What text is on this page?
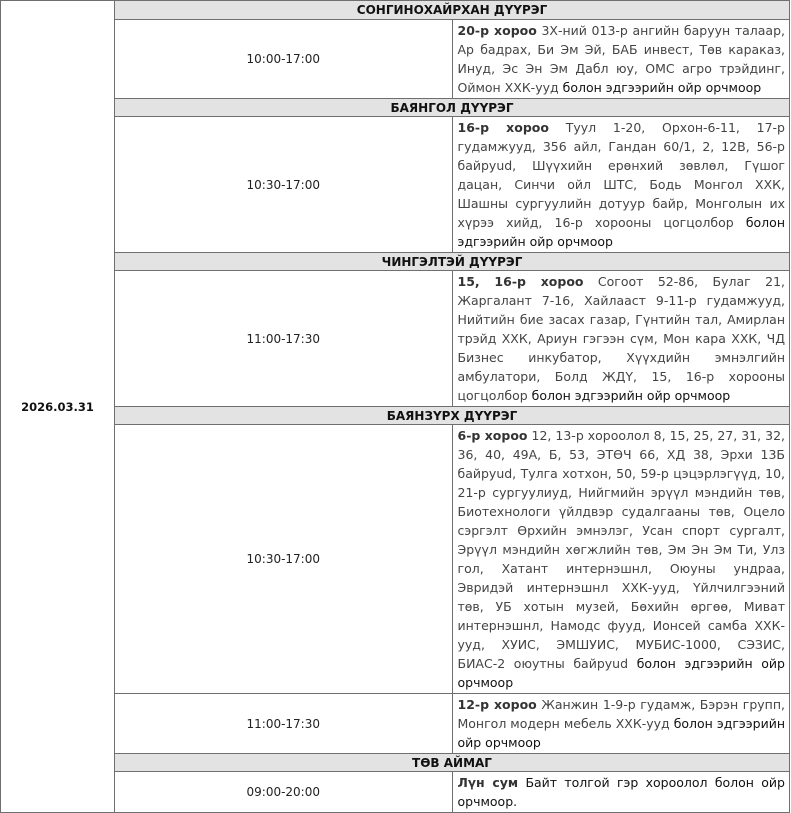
2026.03.31	СОНГИНОХАЙРХАН ДҮҮРЭГ	
	10:00-17:00	20-р хороо 3Х-ний 013-р ангийн баруун талаар, Ар бадрах, Би Эм Эй, БАБ инвест, Төв караказ, Инуд, Эс Эн Эм Дабл юу, ОМС агро трэйдинг, Оймон ХХК-ууд болон эдгээрийн ойр орчмоор
	БАЯНГОЛ ДҮҮРЭГ	
	10:30-17:00	16-р хороо Туул 1-20, Орхон-6-11, 17-р гудамжууд, 356 айл, Гандан 60/1, 2, 12В, 56-р байруud, Шүүхийн ерөнхий зөвлөл, Гүшог дацан, Синчи ойл ШТС, Бодь Монгол ХХК, Шашны сургуулийн дотуур байр, Монголын их хүрээ хийд, 16-р хорооны цогцолбор болон эдгээрийн ойр орчмоор
	ЧИНГЭЛТЭЙ ДҮҮРЭГ	
	11:00-17:30	15, 16-р хороо Согоот 52-86, Булаг 21, Жаргалант 7-16, Хайлааст 9-11-р гудамжууд, Нийтийн бие засах газар, Гүнтийн тал, Амирлан трэйд ХХК, Ариун гэгээн сүм, Мон кара ХХК, ЧД Бизнес инкубатор, Хүүхдийн эмнэлгийн амбулатори, Болд ЖДҮ, 15, 16-р хорооны цогцолбор болон эдгээрийн ойр орчмоор
	БАЯНЗҮРХ ДҮҮРЭГ	
	10:30-17:00	6-р хороо 12, 13-р хороолол 8, 15, 25, 27, 31, 32, 36, 40, 49А, Б, 53, ЭТӨЧ 66, ХД 38, Эрхи 13Б байруud, Тулга хотхон, 50, 59-р цэцэрлэгүүд, 10, 21-р сургуулиуд, Нийгмийн эрүүл мэндийн төв, Биотехнологи үйлдвэр судалгааны төв, Оцело сэргэлт Өрхийн эмнэлэг, Усан спорт сургалт, Эрүүл мэндийн хөгжлийн төв, Эм Эн Эм Ти, Улз гол, Хатант интернэшнл, Оюуны ундраа, Эвридэй интернэшнл ХХК-ууд, Үйлчилгээний төв, УБ хотын музей, Бөхийн өргөө, Миват интернэшнл, Намодс фууд, Ионсей самба ХХК-ууд, ХУИС, ЭМШУИС, МУБИС-1000, СЭЗИС, БИАС-2 оюутны байруud болон эдгээрийн ойр орчмоор
	11:00-17:30	12-р хороо Жанжин 1-9-р гудамж, Бэрэн групп, Монгол модерн мебель ХХК-ууд болон эдгээрийн ойр орчмоор
	ТӨВ АЙМАГ	
	09:00-20:00	Лүн сум Байт толгой гэр хороолол болон ойр орчмоор.
